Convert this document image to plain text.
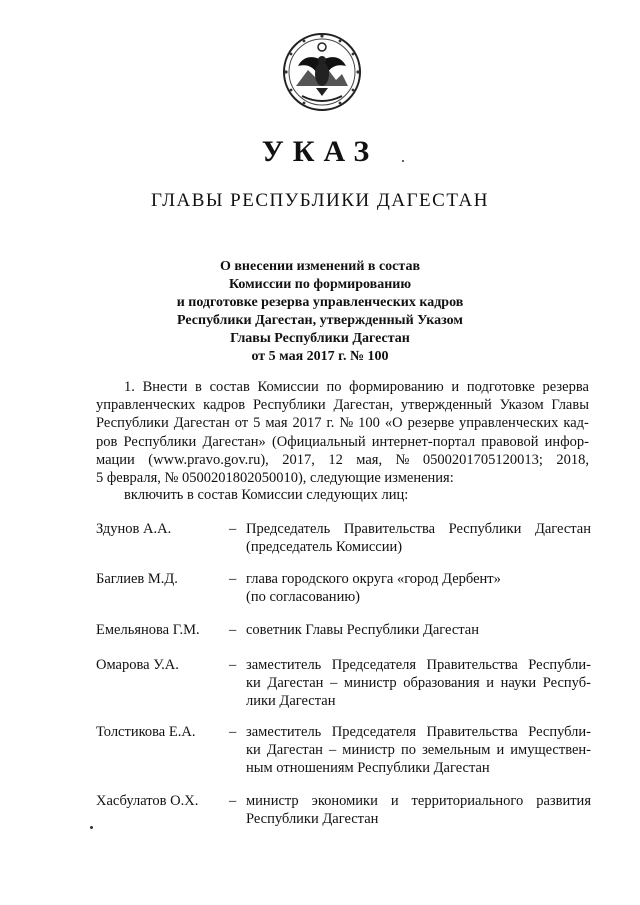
УКАЗ
ГЛАВЫ РЕСПУБЛИКИ ДАГЕСТАН
О внесении изменений в состав
Комиссии по формированию
и подготовке резерва управленческих кадров
Республики Дагестан, утвержденный Указом
Главы Республики Дагестан
от 5 мая 2017 г. № 100
1. Внести в состав Комиссии по формированию и подготовке резерва
управленческих кадров Республики Дагестан, утвержденный Указом Главы
Республики Дагестан от 5 мая 2017 г. № 100 «О резерве управленческих кад-
ров Республики Дагестан» (Официальный интернет-портал правовой инфор-
мации (www.pravo.gov.ru), 2017, 12 мая, № 0500201705120013; 2018,
5 февраля, № 0500201802050010), следующие изменения:
включить в состав Комиссии следующих лиц:
Здунов А.А.	– Председатель Правительства Республики Дагестан
(председатель Комиссии)
Баглиев М.Д.	– глава городского округа «город Дербент»
(по согласованию)
Емельянова Г.М. – советник Главы Республики Дагестан
Омарова У.А.	– заместитель Председателя Правительства Республи-
ки Дагестан – министр образования и науки Респуб-
лики Дагестан
Толстикова Е.А. – заместитель Председателя Правительства Республи-
ки Дагестан – министр по земельным и имуществен-
ным отношениям Республики Дагестан
Хасбулатов О.Х. – министр экономики и территориального развития
Республики Дагестан
